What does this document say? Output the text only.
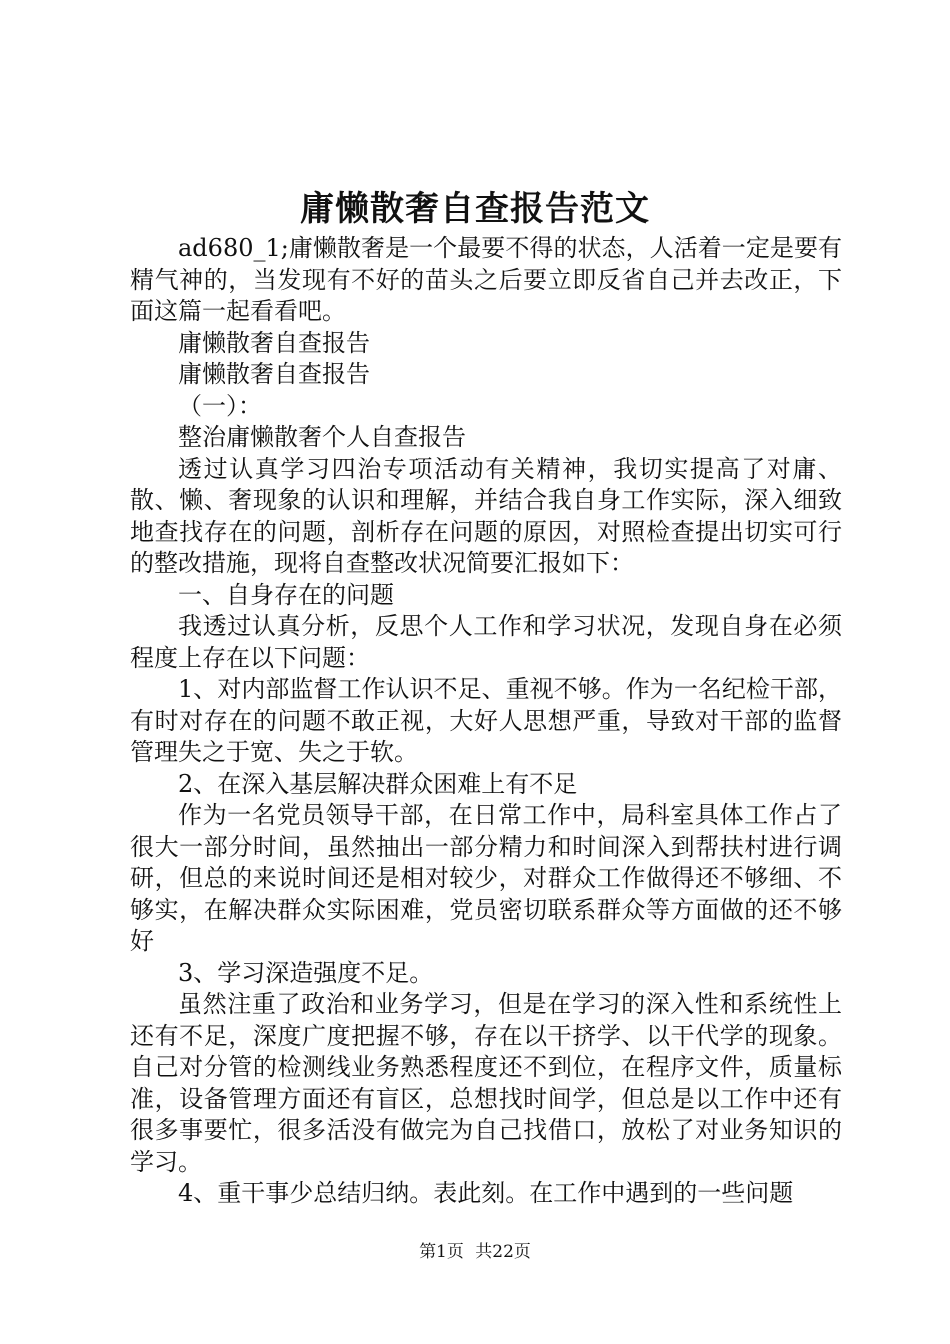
庸懒散奢自查报告范文

ad680_1;庸懒散奢是一个最要不得的状态，人活着一定是要有精气神的，当发现有不好的苗头之后要立即反省自己并去改正，下面这篇一起看看吧。

庸懒散奢自查报告

庸懒散奢自查报告

（一）：

整治庸懒散奢个人自查报告

透过认真学习四治专项活动有关精神，我切实提高了对庸、散、懒、奢现象的认识和理解，并结合我自身工作实际，深入细致地查找存在的问题，剖析存在问题的原因，对照检查提出切实可行的整改措施，现将自查整改状况简要汇报如下：

一、自身存在的问题

我透过认真分析，反思个人工作和学习状况，发现自身在必须程度上存在以下问题：

1、对内部监督工作认识不足、重视不够。作为一名纪检干部，有时对存在的问题不敢正视，大好人思想严重，导致对干部的监督管理失之于宽、失之于软。

2、在深入基层解决群众困难上有不足

作为一名党员领导干部，在日常工作中，局科室具体工作占了很大一部分时间，虽然抽出一部分精力和时间深入到帮扶村进行调研，但总的来说时间还是相对较少，对群众工作做得还不够细、不够实，在解决群众实际困难，党员密切联系群众等方面做的还不够好

3、学习深造强度不足。

虽然注重了政治和业务学习，但是在学习的深入性和系统性上还有不足，深度广度把握不够，存在以干挤学、以干代学的现象。自己对分管的检测线业务熟悉程度还不到位，在程序文件，质量标准，设备管理方面还有盲区，总想找时间学，但总是以工作中还有很多事要忙，很多活没有做完为自己找借口，放松了对业务知识的学习。

4、重干事少总结归纳。表此刻。在工作中遇到的一些问题

第1页 共22页
